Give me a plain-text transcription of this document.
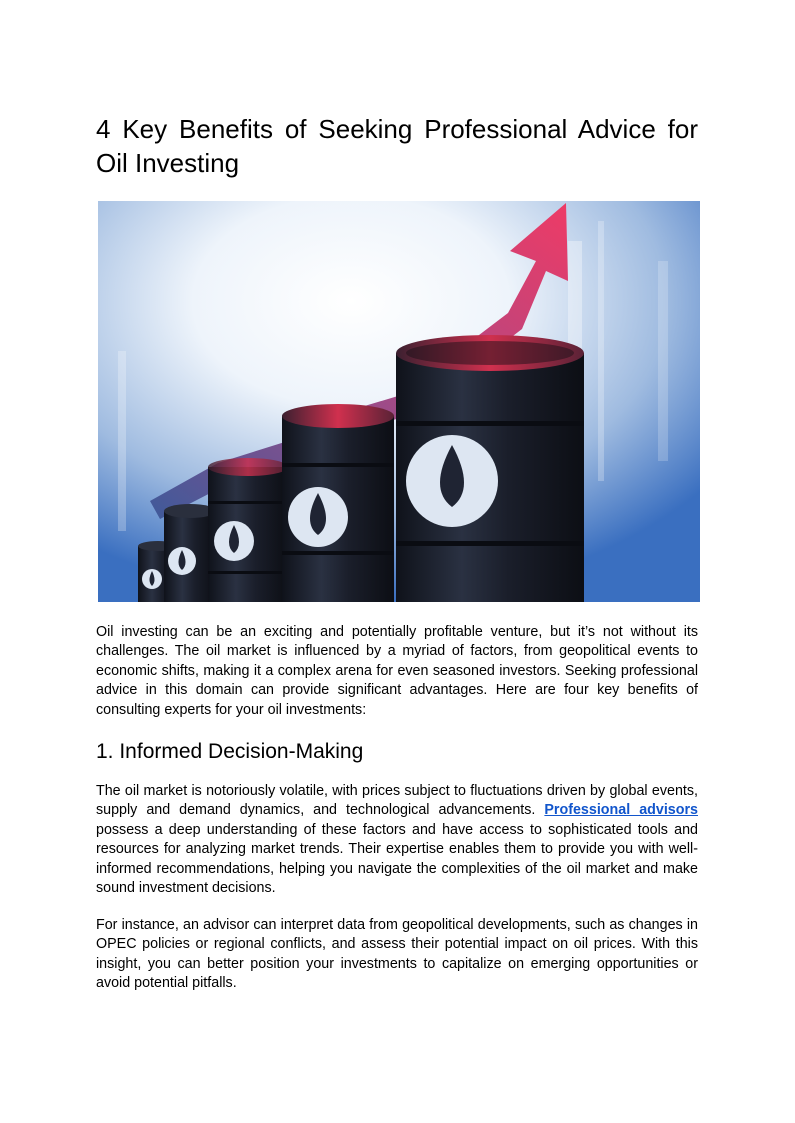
4 Key Benefits of Seeking Professional Advice for Oil Investing

Oil investing can be an exciting and potentially profitable venture, but it’s not without its challenges. The oil market is influenced by a myriad of factors, from geopolitical events to economic shifts, making it a complex arena for even seasoned investors. Seeking professional advice in this domain can provide significant advantages. Here are four key benefits of consulting experts for your oil investments:

1. Informed Decision-Making

The oil market is notoriously volatile, with prices subject to fluctuations driven by global events, supply and demand dynamics, and technological advancements. Professional advisors possess a deep understanding of these factors and have access to sophisticated tools and resources for analyzing market trends. Their expertise enables them to provide you with well-informed recommendations, helping you navigate the complexities of the oil market and make sound investment decisions.

For instance, an advisor can interpret data from geopolitical developments, such as changes in OPEC policies or regional conflicts, and assess their potential impact on oil prices. With this insight, you can better position your investments to capitalize on emerging opportunities or avoid potential pitfalls.
